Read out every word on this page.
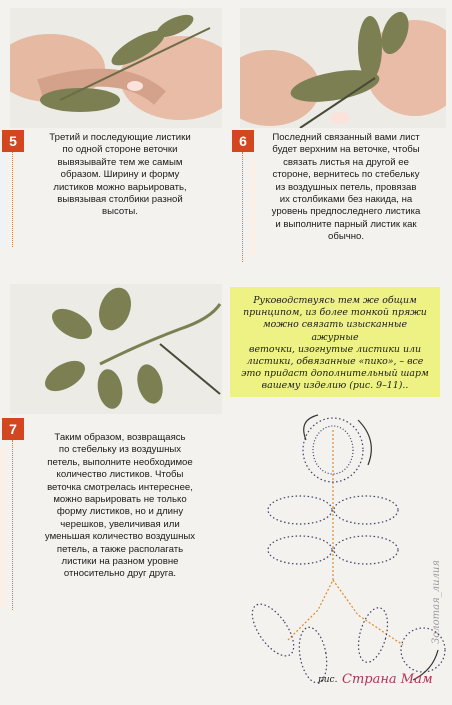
5	Третий и последующие листики
по одной стороне веточки
вывязывайте тем же самым
образом. Ширину и форму
листиков можно варьировать,
вывязывая столбики разной
высоты.
6	Последний связанный вами лист
будет верхним на веточке, чтобы
связать листья на другой ее
стороне, вернитесь по стебельку
из воздушных петель, провязав
их столбиками без накида, на
уровень предпоследнего листика
и выполните парный листик как
обычно.
7
Таким образом, возвращаясь
по стебельку из воздушных
петель, выполните необходимое
количество листиков. Чтобы
веточка смотрелась интереснее,
можно варьировать не только
форму листиков, но и длину
черешков, увеличивая или
уменьшая количество воздушных
петель, а также располагать
листики на разном уровне
относительно друг друга.

Руководствуясь тем же общим

принципом, из более тонкой пряжи

можно связать изысканные ажурные

веточки, изогнутые листики или

листики, обвязанные «пико», – все

это придаст дополнительный шарм

вашему изделию (рис. 9–11)..

рис. Страна Мам
Золотая_лилия
